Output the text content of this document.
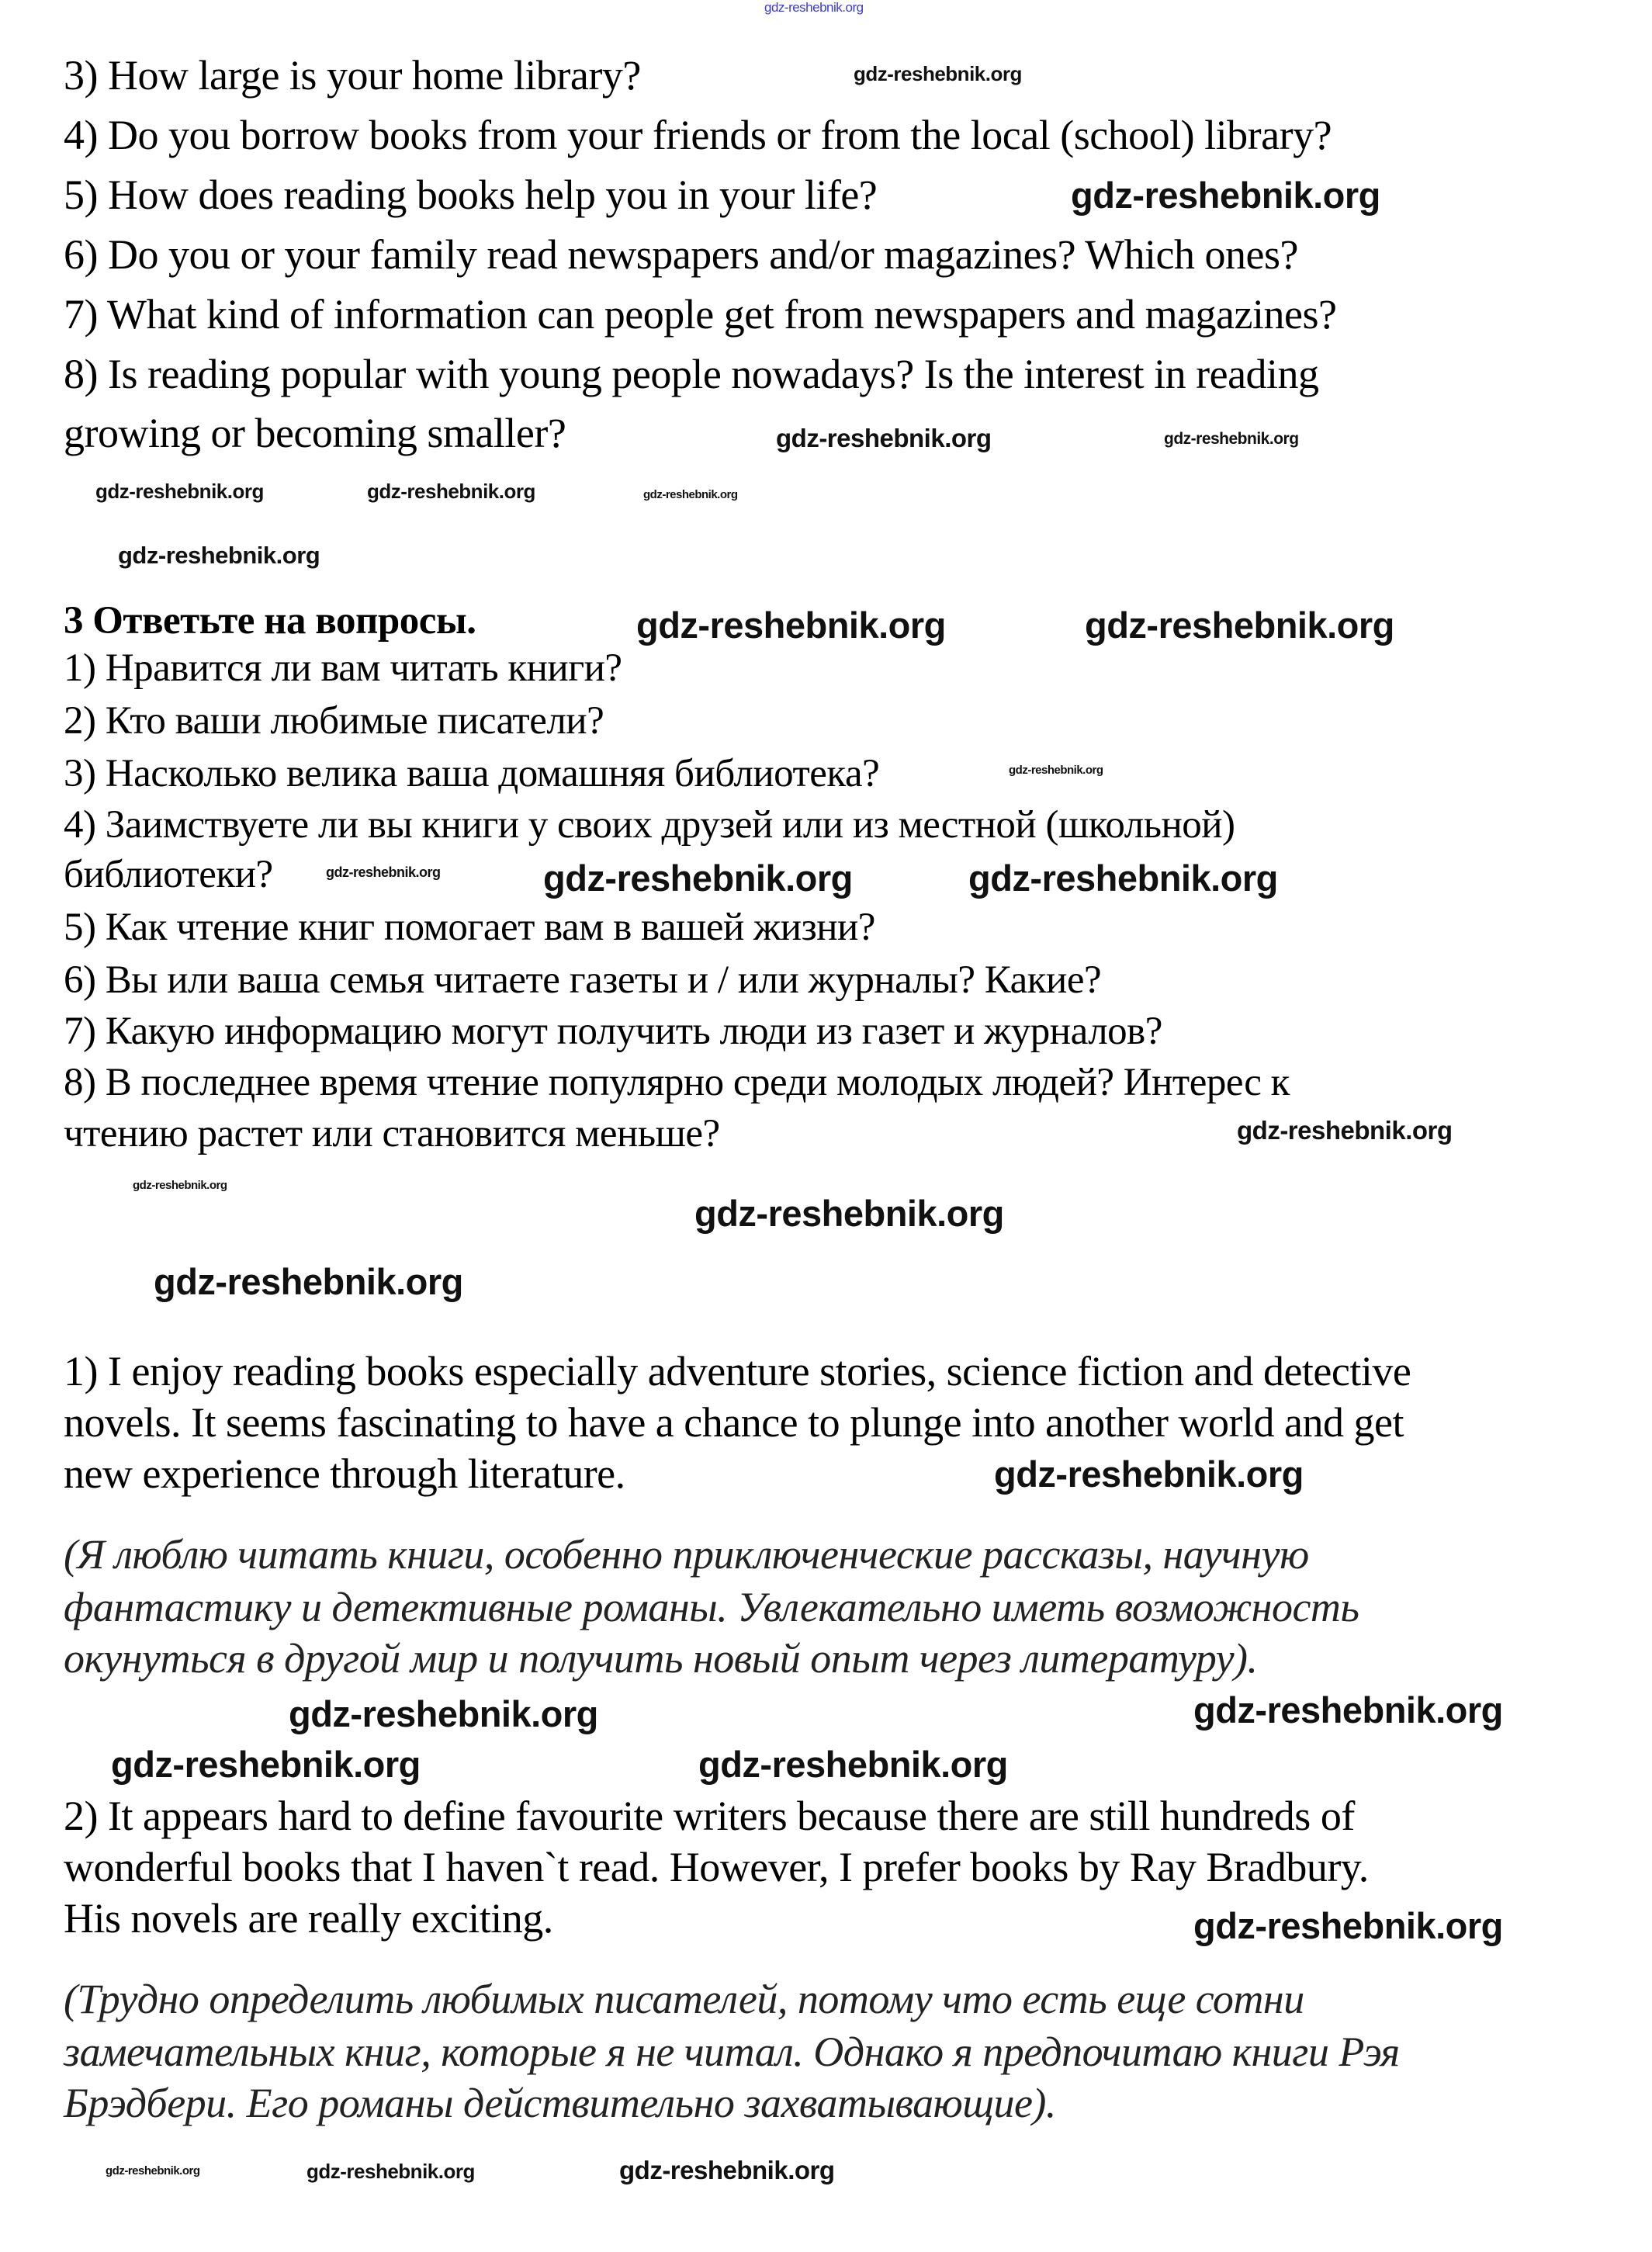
gdz-reshebnik.org
3) How large is your home library?
4) Do you borrow books from your friends or from the local (school) library?
5) How does reading books help you in your life?
6) Do you or your family read newspapers and/or magazines? Which ones?
7) What kind of information can people get from newspapers and magazines?
8) Is reading popular with young people nowadays? Is the interest in reading
growing or becoming smaller?
3 Ответьте на вопросы.
1) Нравится ли вам читать книги?
2) Кто ваши любимые писатели?
3) Насколько велика ваша домашняя библиотека?
4) Заимствуете ли вы книги у своих друзей или из местной (школьной)
библиотеки?
5) Как чтение книг помогает вам в вашей жизни?
6) Вы или ваша семья читаете газеты и / или журналы? Какие?
7) Какую информацию могут получить люди из газет и журналов?
8) В последнее время чтение популярно среди молодых людей? Интерес к
чтению растет или становится меньше?
1) I enjoy reading books especially adventure stories, science fiction and detective
novels. It seems fascinating to have a chance to plunge into another world and get
new experience through literature.
(Я люблю читать книги, особенно приключенческие рассказы, научную
фантастику и детективные романы. Увлекательно иметь возможность
окунуться в другой мир и получить новый опыт через литературу).
2) It appears hard to define favourite writers because there are still hundreds of
wonderful books that I haven`t read. However, I prefer books by Ray Bradbury.
His novels are really exciting.
(Трудно определить любимых писателей, потому что есть еще сотни
замечательных книг, которые я не читал. Однако я предпочитаю книги Рэя
Брэдбери. Его романы действительно захватывающие).
gdz-reshebnik.org
gdz-reshebnik.org
gdz-reshebnik.org	gdz-reshebnik.org
gdz-reshebnik.org	gdz-reshebnik.org	gdz-reshebnik.org
gdz-reshebnik.org
gdz-reshebnik.org	gdz-reshebnik.org
gdz-reshebnik.org
gdz-reshebnik.org
gdz-reshebnik.org	gdz-reshebnik.org
gdz-reshebnik.org
gdz-reshebnik.org
gdz-reshebnik.org
gdz-reshebnik.org
gdz-reshebnik.org
gdz-reshebnik.org	gdz-reshebnik.org
gdz-reshebnik.org	gdz-reshebnik.org
gdz-reshebnik.org
gdz-reshebnik.org	gdz-reshebnik.org	gdz-reshebnik.org
